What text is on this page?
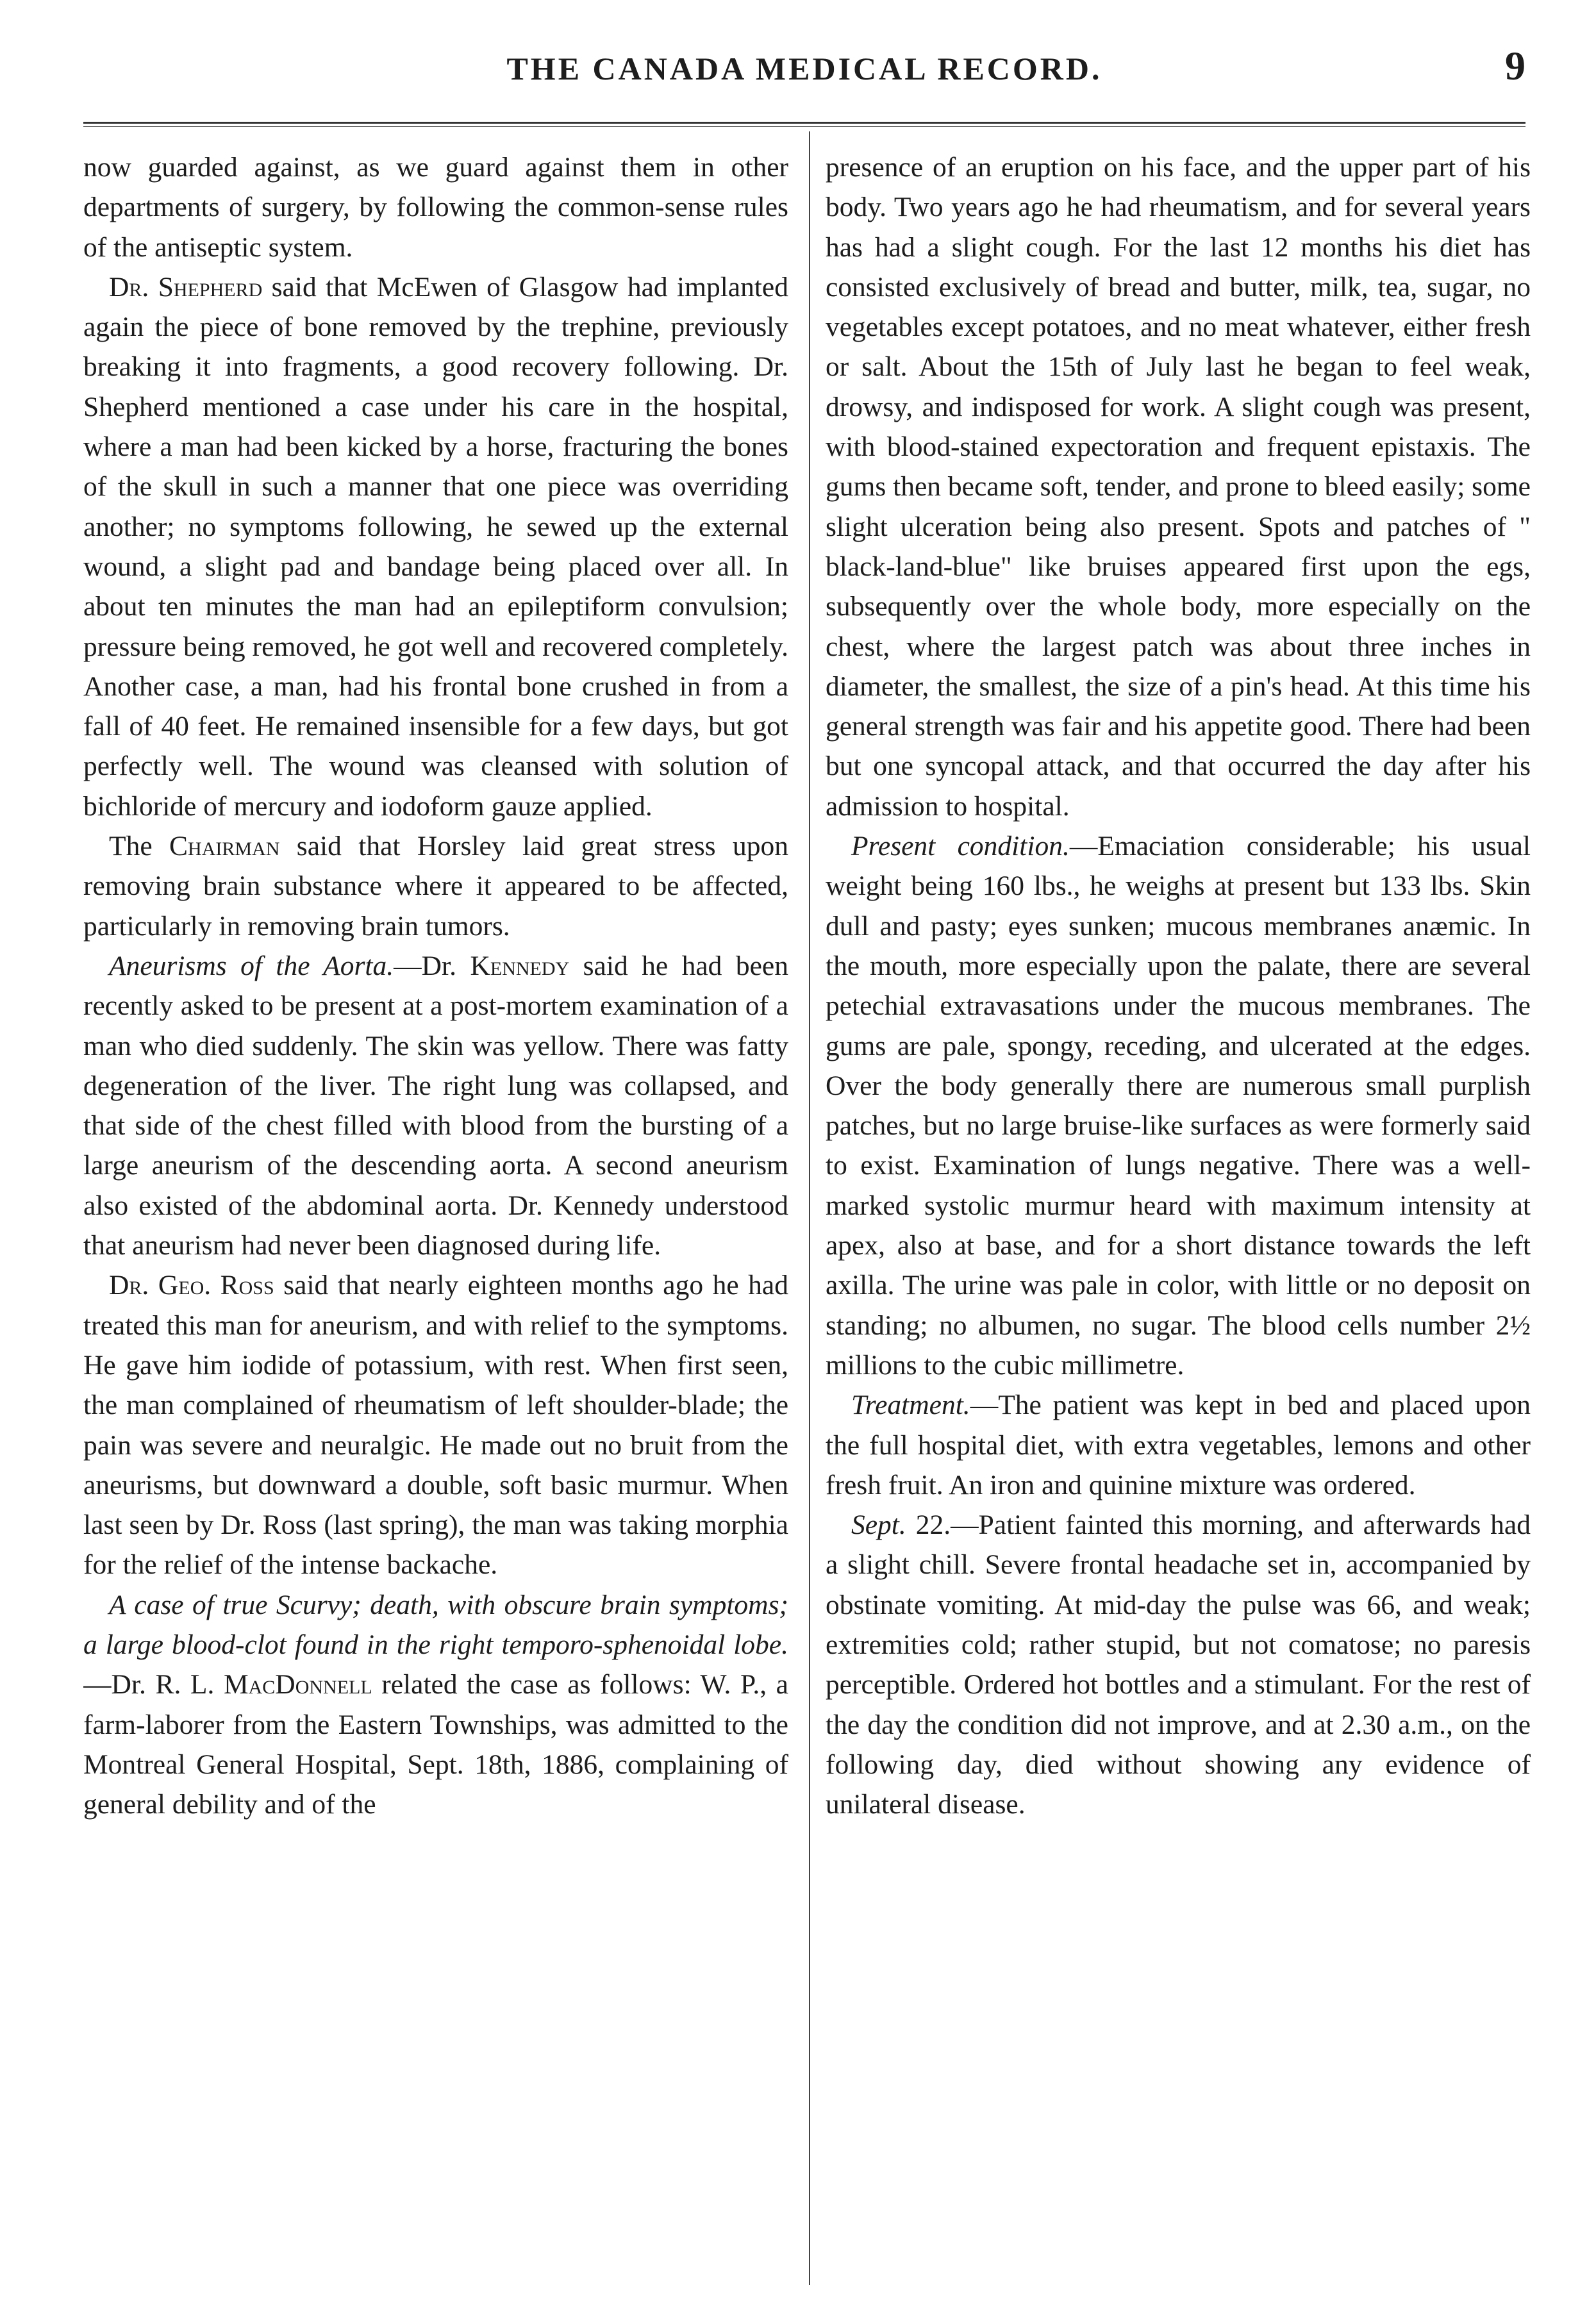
THE CANADA MEDICAL RECORD.	9

now guarded against, as we guard against them in other departments of surgery, by following the common-sense rules of the antiseptic system.

Dr. Shepherd said that McEwen of Glasgow had implanted again the piece of bone removed by the trephine, previously breaking it into fragments, a good recovery following. Dr. Shepherd mentioned a case under his care in the hospital, where a man had been kicked by a horse, fracturing the bones of the skull in such a manner that one piece was overriding another; no symptoms following, he sewed up the external wound, a slight pad and bandage being placed over all. In about ten minutes the man had an epileptiform convulsion; pressure being removed, he got well and recovered completely. Another case, a man, had his frontal bone crushed in from a fall of 40 feet. He remained insensible for a few days, but got perfectly well. The wound was cleansed with solution of bichloride of mercury and iodoform gauze applied.

The Chairman said that Horsley laid great stress upon removing brain substance where it appeared to be affected, particularly in removing brain tumors.

Aneurisms of the Aorta.—Dr. Kennedy said he had been recently asked to be present at a post-mortem examination of a man who died suddenly. The skin was yellow. There was fatty degeneration of the liver. The right lung was collapsed, and that side of the chest filled with blood from the bursting of a large aneurism of the descending aorta. A second aneurism also existed of the abdominal aorta. Dr. Kennedy understood that aneurism had never been diagnosed during life.

Dr. Geo. Ross said that nearly eighteen months ago he had treated this man for aneurism, and with relief to the symptoms. He gave him iodide of potassium, with rest. When first seen, the man complained of rheumatism of left shoulder-blade; the pain was severe and neuralgic. He made out no bruit from the aneurisms, but downward a double, soft basic murmur. When last seen by Dr. Ross (last spring), the man was taking morphia for the relief of the intense backache.

A case of true Scurvy; death, with obscure brain symptoms; a large blood-clot found in the right temporo-sphenoidal lobe.—Dr. R. L. MacDonnell related the case as follows: W. P., a farm-laborer from the Eastern Townships, was admitted to the Montreal General Hospital, Sept. 18th, 1886, complaining of general debility and of the

presence of an eruption on his face, and the upper part of his body. Two years ago he had rheumatism, and for several years has had a slight cough. For the last 12 months his diet has consisted exclusively of bread and butter, milk, tea, sugar, no vegetables except potatoes, and no meat whatever, either fresh or salt. About the 15th of July last he began to feel weak, drowsy, and indisposed for work. A slight cough was present, with blood-stained expectoration and frequent epistaxis. The gums then became soft, tender, and prone to bleed easily; some slight ulceration being also present. Spots and patches of " black-land-blue" like bruises appeared first upon the egs, subsequently over the whole body, more especially on the chest, where the largest patch was about three inches in diameter, the smallest, the size of a pin's head. At this time his general strength was fair and his appetite good. There had been but one syncopal attack, and that occurred the day after his admission to hospital.

Present condition.—Emaciation considerable; his usual weight being 160 lbs., he weighs at present but 133 lbs. Skin dull and pasty; eyes sunken; mucous membranes anæmic. In the mouth, more especially upon the palate, there are several petechial extravasations under the mucous membranes. The gums are pale, spongy, receding, and ulcerated at the edges. Over the body generally there are numerous small purplish patches, but no large bruise-like surfaces as were formerly said to exist. Examination of lungs negative. There was a well-marked systolic murmur heard with maximum intensity at apex, also at base, and for a short distance towards the left axilla. The urine was pale in color, with little or no deposit on standing; no albumen, no sugar. The blood cells number 2½ millions to the cubic millimetre.

Treatment.—The patient was kept in bed and placed upon the full hospital diet, with extra vegetables, lemons and other fresh fruit. An iron and quinine mixture was ordered.

Sept. 22.—Patient fainted this morning, and afterwards had a slight chill. Severe frontal headache set in, accompanied by obstinate vomiting. At mid-day the pulse was 66, and weak; extremities cold; rather stupid, but not comatose; no paresis perceptible. Ordered hot bottles and a stimulant. For the rest of the day the condition did not improve, and at 2.30 a.m., on the following day, died without showing any evidence of unilateral disease.
